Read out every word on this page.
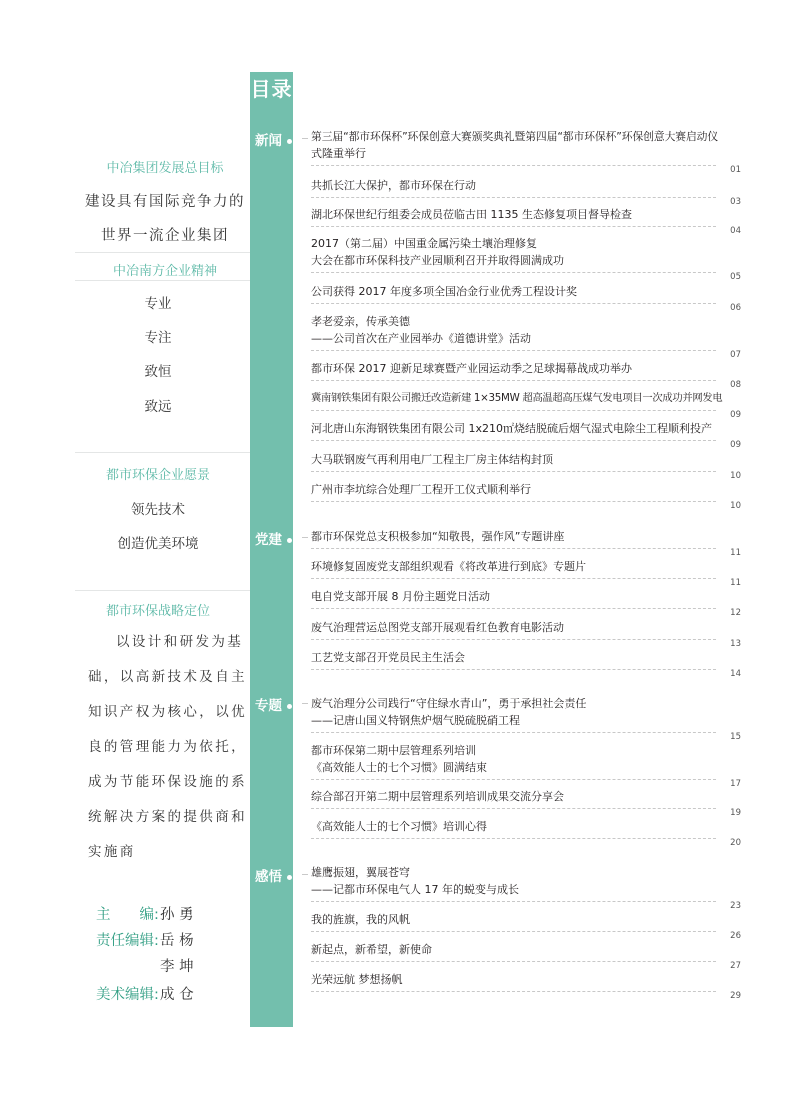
中冶集团发展总目标
建设具有国际竞争力的
世界一流企业集团
中冶南方企业精神
专业
专注
致恒
致远
都市环保企业愿景
领先技术
创造优美环境
都市环保战略定位
以设计和研发为基
础，以高新技术及自主
知识产权为核心，以优
良的管理能力为依托，
成为节能环保设施的系
统解决方案的提供商和
实施商
主　　编: 孙 勇
责任编辑: 岳 杨
李 坤
美术编辑: 成 仓
目录
新闻
党建
专题
感悟
第三届“都市环保杯”环保创意大赛颁奖典礼暨第四届“都市环保杯”环保创意大赛启动仪
式隆重举行
01
共抓长江大保护，都市环保在行动
03
湖北环保世纪行组委会成员莅临古田 1135 生态修复项目督导检查
04
2017（第二届）中国重金属污染土壤治理修复
大会在都市环保科技产业园顺利召开并取得圆满成功
05
公司获得 2017 年度多项全国冶金行业优秀工程设计奖
06
孝老爱亲，传承美德
——公司首次在产业园举办《道德讲堂》活动
07
都市环保 2017 迎新足球赛暨产业园运动季之足球揭幕战成功举办
08
冀南钢铁集团有限公司搬迁改造新建 1×35MW 超高温超高压煤气发电项目一次成功并网发电
09
河北唐山东海钢铁集团有限公司 1x210㎡烧结脱硫后烟气湿式电除尘工程顺利投产
09
大马联钢废气再利用电厂工程主厂房主体结构封顶
10
广州市李坑综合处理厂工程开工仪式顺利举行
10
都市环保党总支积极参加“知敬畏，强作风”专题讲座
11
环境修复固废党支部组织观看《将改革进行到底》专题片
11
电自党支部开展 8 月份主题党日活动
12
废气治理营运总图党支部开展观看红色教育电影活动
13
工艺党支部召开党员民主生活会
14
废气治理分公司践行“守住绿水青山”，勇于承担社会责任
——记唐山国义特钢焦炉烟气脱硫脱硝工程
15
都市环保第二期中层管理系列培训
《高效能人士的七个习惯》圆满结束
17
综合部召开第二期中层管理系列培训成果交流分享会
19
《高效能人士的七个习惯》培训心得
20
雄鹰振翅，翼展苍穹
——记都市环保电气人 17 年的蜕变与成长
23
我的旌旗，我的风帆
26
新起点，新希望，新使命
27
光荣远航 梦想扬帆
29
